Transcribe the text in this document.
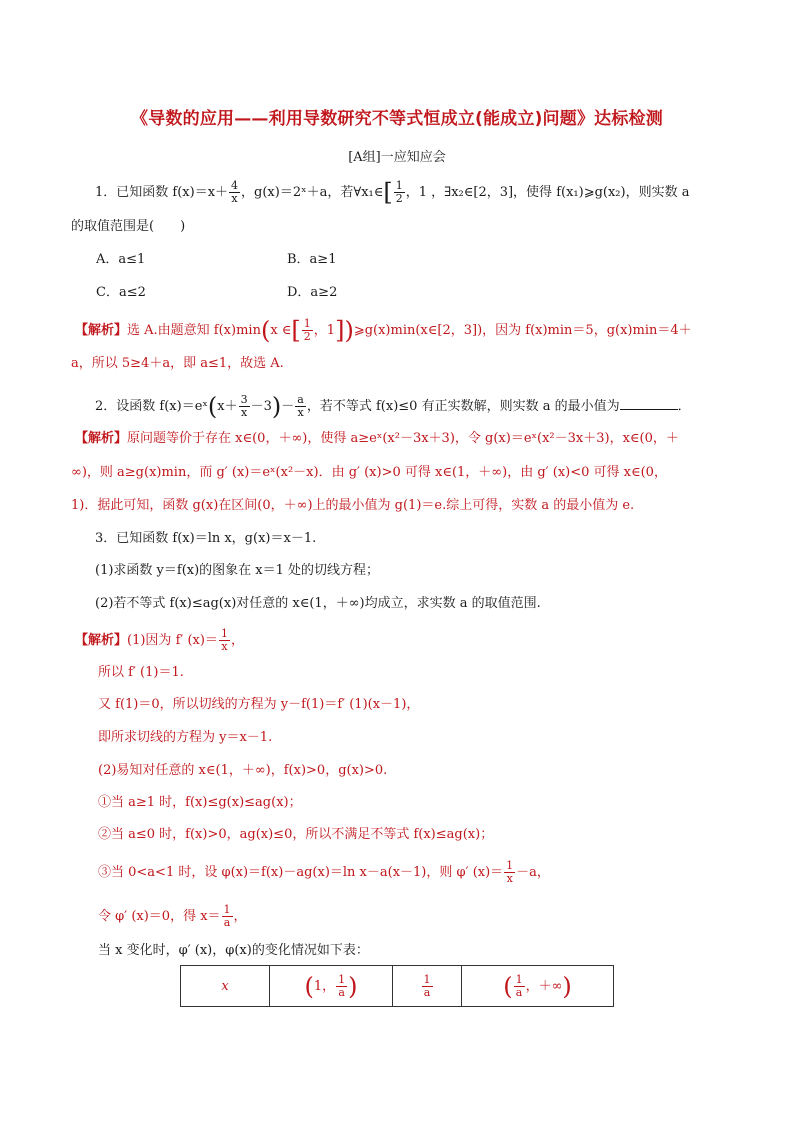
《导数的应用——利用导数研究不等式恒成立(能成立)问题》达标检测
[A组]一应知应会
1．已知函数 $f(x)=x+ \frac{4}{x}$ ，g(x)＝2ˣ＋a，若∀x₁∈[ $\frac{1}{2}$ ，1 ，∃x₂∈[2，3]，使得 f(x₁)⩾g(x₂)，则实数 a
的取值范围是(　　)
A．a≤1	B．a≥1
C．a≤2	D．a≥2
【解析】选 A.由题意知 f(x)min(x ∈[ $\frac{1}{2}$ ，1])⩾g(x)min(x∈[2，3])，因为 f(x)min＝5，g(x)min＝4＋
a，所以 5≥4＋a，即 a≤1，故选 A.
2．设函数 f(x)＝eˣ(x＋ $\frac{3}{x} -3)- \frac{a}{x}$ ，若不等式 f(x)≤0 有正实数解，则实数 a 的最小值为	．
【解析】原问题等价于存在 x∈(0，＋∞)，使得 a≥eˣ(x²－3x＋3)，令 g(x)＝eˣ(x²－3x＋3)，x∈(0，＋
∞)，则 a≥g(x)min，而 g′ (x)＝eˣ(x²－x)．由 g′ (x)>0 可得 x∈(1，＋∞)，由 g′ (x)<0 可得 x∈(0，
1)．据此可知，函数 g(x)在区间(0，＋∞)上的最小值为 g(1)＝e.综上可得，实数 a 的最小值为 e.
3．已知函数 f(x)＝ln x，g(x)＝x－1.
(1)求函数 y＝f(x)的图象在 x＝1 处的切线方程；
(2)若不等式 f(x)≤ag(x)对任意的 x∈(1，＋∞)均成立，求实数 a 的取值范围.
【解析】(1)因为 f′ $(x)= \frac{1}{x}$ ，
所以 f′ (1)＝1.
又 f(1)＝0，所以切线的方程为 y－f(1)＝f′ (1)(x－1)，
即所求切线的方程为 y＝x－1.
(2)易知对任意的 x∈(1，＋∞)，f(x)>0，g(x)>0.
①当 a≥1 时，f(x)≤g(x)≤ag(x)；
②当 a≤0 时，f(x)>0，ag(x)≤0，所以不满足不等式 f(x)≤ag(x)；
③当 0<a<1 时，设 φ(x)＝f(x)－ag(x)＝ln x－a(x－1)，则 φ′ $(x)= \frac{1}{x} -a$，
令 φ′ (x)＝0，得 $x= \frac{1}{a}$ ，
当 x 变化时，φ′ (x)，φ(x)的变化情况如下表：
x	(1， $\frac{1}{a}$ )	$\frac{1}{a}$	( $\frac{1}{a}$ ，＋∞)
